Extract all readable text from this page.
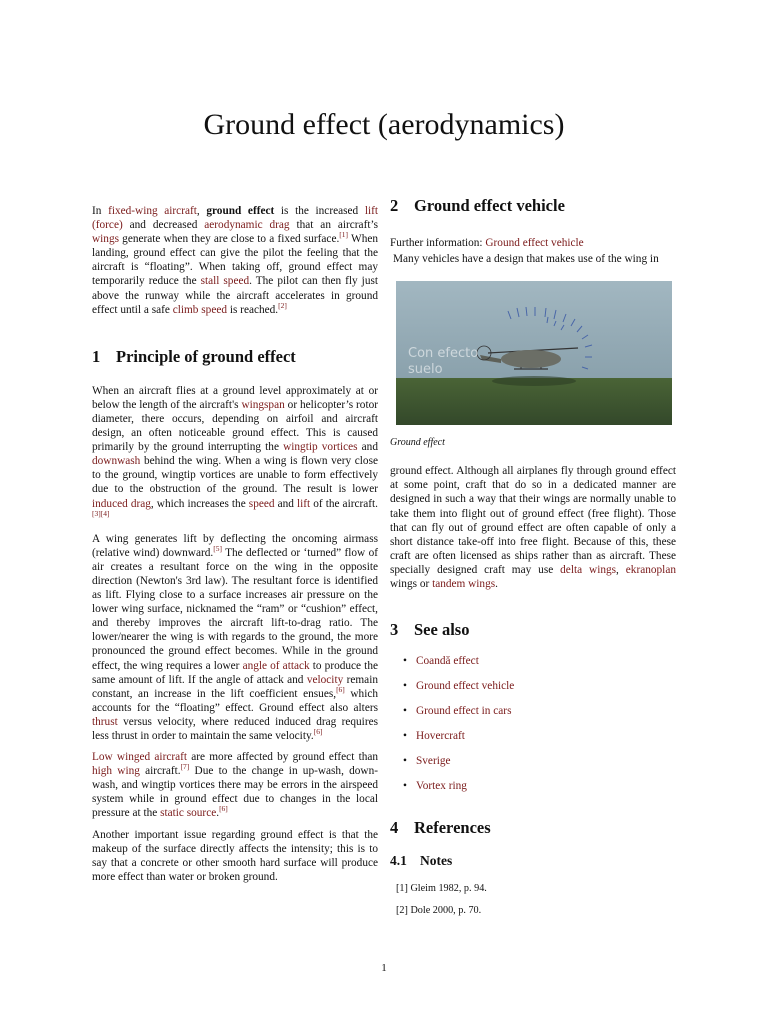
Ground effect (aerodynamics)

In fixed-wing aircraft, ground effect is the increased lift (force) and decreased aerodynamic drag that an aircraft’s wings generate when they are close to a fixed surface.[1] When landing, ground effect can give the pilot the feeling that the aircraft is “floating”. When taking off, ground effect may temporarily reduce the stall speed. The pilot can then fly just above the runway while the aircraft accelerates in ground effect until a safe climb speed is reached.[2]

1 Principle of ground effect

When an aircraft flies at a ground level approximately at or below the length of the aircraft's wingspan or helicopter’s rotor diameter, there occurs, depending on airfoil and aircraft design, an often noticeable ground effect. This is caused primarily by the ground interrupting the wingtip vortices and downwash behind the wing. When a wing is flown very close to the ground, wingtip vortices are unable to form effectively due to the obstruction of the ground. The result is lower induced drag, which increases the speed and lift of the aircraft.[3][4]

A wing generates lift by deflecting the oncoming airmass (relative wind) downward.[5] The deflected or ‘turned” flow of air creates a resultant force on the wing in the opposite direction (Newton's 3rd law). The resultant force is identified as lift. Flying close to a surface increases air pressure on the lower wing surface, nicknamed the “ram” or “cushion” effect, and thereby improves the aircraft lift-to-drag ratio. The lower/nearer the wing is with regards to the ground, the more pronounced the ground effect becomes. While in the ground effect, the wing requires a lower angle of attack to produce the same amount of lift. If the angle of attack and velocity remain constant, an increase in the lift coefficient ensues,[6] which accounts for the “floating” effect. Ground effect also alters thrust versus velocity, where reduced induced drag requires less thrust in order to maintain the same velocity.[6]

Low winged aircraft are more affected by ground effect than high wing aircraft.[7] Due to the change in up-wash, down-wash, and wingtip vortices there may be errors in the airspeed system while in ground effect due to changes in the local pressure at the static source.[6]

Another important issue regarding ground effect is that the makeup of the surface directly affects the intensity; this is to say that a concrete or other smooth hard surface will produce more effect than water or broken ground.

2 Ground effect vehicle

Further information: Ground effect vehicle

Many vehicles have a design that makes use of the wing in

Con efecto
suelo

Ground effect

ground effect. Although all airplanes fly through ground effect at some point, craft that do so in a dedicated manner are designed in such a way that their wings are normally unable to take them into flight out of ground effect (free flight). Those that can fly out of ground effect are often capable of only a short distance take-off into free flight. Because of this, these craft are often licensed as ships rather than as aircraft. These specially designed craft may use delta wings, ekranoplan wings or tandem wings.

3 See also
• Coandă effect
• Ground effect vehicle
• Ground effect in cars
• Hovercraft
• Sverige
• Vortex ring
4 References
4.1 Notes
[1] Gleim 1982, p. 94.
[2] Dole 2000, p. 70.
1
